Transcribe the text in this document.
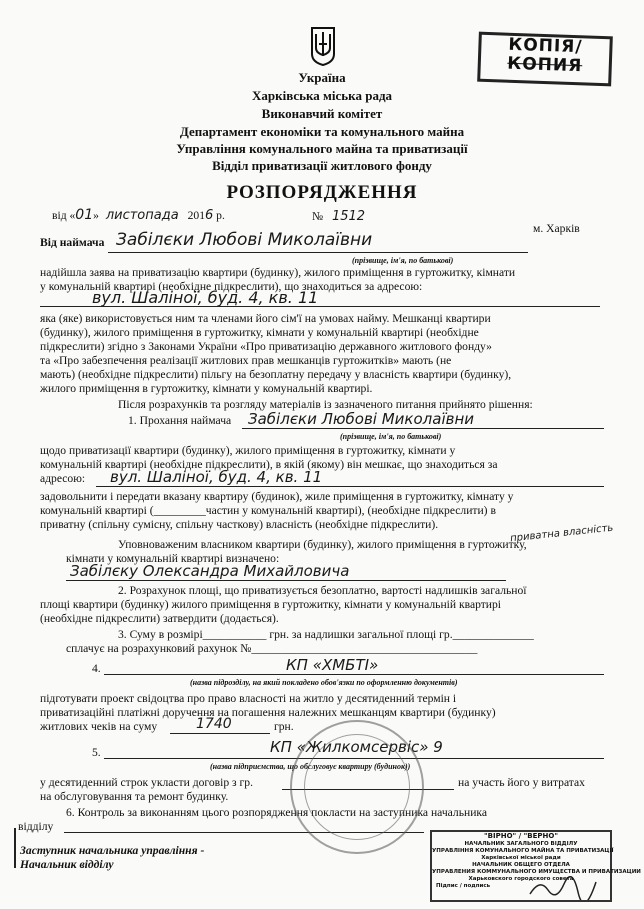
КОПІЯ/
КОПИЯ
Україна
Харківська міська рада
Виконавчий комітет
Департамент економіки та комунального майна
Управління комунального майна та приватизації
Відділ приватизації житлового фонду
РОЗПОРЯДЖЕННЯ
від «01» листопада 2016 р.	№ 1512
м. Харків
Від наймача Забілєки Любові Миколаївни
(прізвище, ім'я, по батькові)
надійшла заява на приватизацію квартири (будинку), жилого приміщення в гуртожитку, кімнати
у комунальній квартирі (необхідне підкреслити), що знаходиться за адресою:
вул. Шаліної, буд. 4, кв. 11
яка (яке) використовується ним та членами його сім'ї на умовах найму. Мешканці квартири
(будинку), жилого приміщення в гуртожитку, кімнати у комунальній квартирі (необхідне
підкреслити) згідно з Законами України «Про приватизацію державного житлового фонду»
та «Про забезпечення реалізації житлових прав мешканців гуртожитків» мають (не
мають) (необхідне підкреслити) пільгу на безоплатну передачу у власність квартири (будинку),
жилого приміщення в гуртожитку, кімнати у комунальній квартирі.
Після розрахунків та розгляду матеріалів із зазначеного питання прийнято рішення:
1. Прохання наймача Забілєки Любові Миколаївни
(прізвище, ім'я, по батькові)
щодо приватизації квартири (будинку), жилого приміщення в гуртожитку, кімнати у
комунальній квартирі (необхідне підкреслити), в якій (якому) він мешкає, що знаходиться за
адресою: вул. Шаліної, буд. 4, кв. 11
задовольнити і передати вказану квартиру (будинок), жиле приміщення в гуртожитку, кімнату у
комунальній квартирі (_________частин у комунальній квартирі), (необхідне підкреслити) в
приватну (спільну сумісну, спільну часткову) власність (необхідне підкреслити).	приватна власність
Уповноваженим власником квартири (будинку), жилого приміщення в гуртожитку,
кімнати у комунальній квартирі визначено:
Забілєку Олександра Михайловича
2. Розрахунок площі, що приватизується безоплатно, вартості надлишків загальної
площі квартири (будинку) жилого приміщення в гуртожитку, кімнати у комунальній квартирі
(необхідне підкреслити) затвердити (додається).
3. Суму в розмірі___________ грн. за надлишки загальної площі гр.______________
сплачує на розрахунковий рахунок №_______________________________________
4.	КП «ХМБТІ»
(назва підрозділу, на який покладено обов'язки по оформленню документів)
підготувати проект свідоцтва про право власності на житло у десятиденний термін і
приватизаційні платіжні доручення на погашення належних мешканцям квартири (будинку)
житлових чеків на суму	1740	грн.
5.	КП «Жилкомсервіс» 9
(назва підприємства, що обслуговує квартиру (будинок))
у десятиденний строк укласти договір з гр.	на участь його у витратах
на обслуговування та ремонт будинку.
6. Контроль за виконанням цього розпорядження покласти на заступника начальника
відділу
Заступник начальника управління -
Начальник відділу
"ВІРНО" / "ВЕРНО"
НАЧАЛЬНИК ЗАГАЛЬНОГО ВІДДІЛУ
УПРАВЛІННЯ КОМУНАЛЬНОГО МАЙНА ТА ПРИВАТИЗАЦІЇ
Харківської міської ради
НАЧАЛЬНИК ОБЩЕГО ОТДЕЛА
УПРАВЛЕНИЯ КОММУНАЛЬНОГО ИМУЩЕСТВА И ПРИВАТИЗАЦИИ
Харьковского городского совета
Підпис / подпись
